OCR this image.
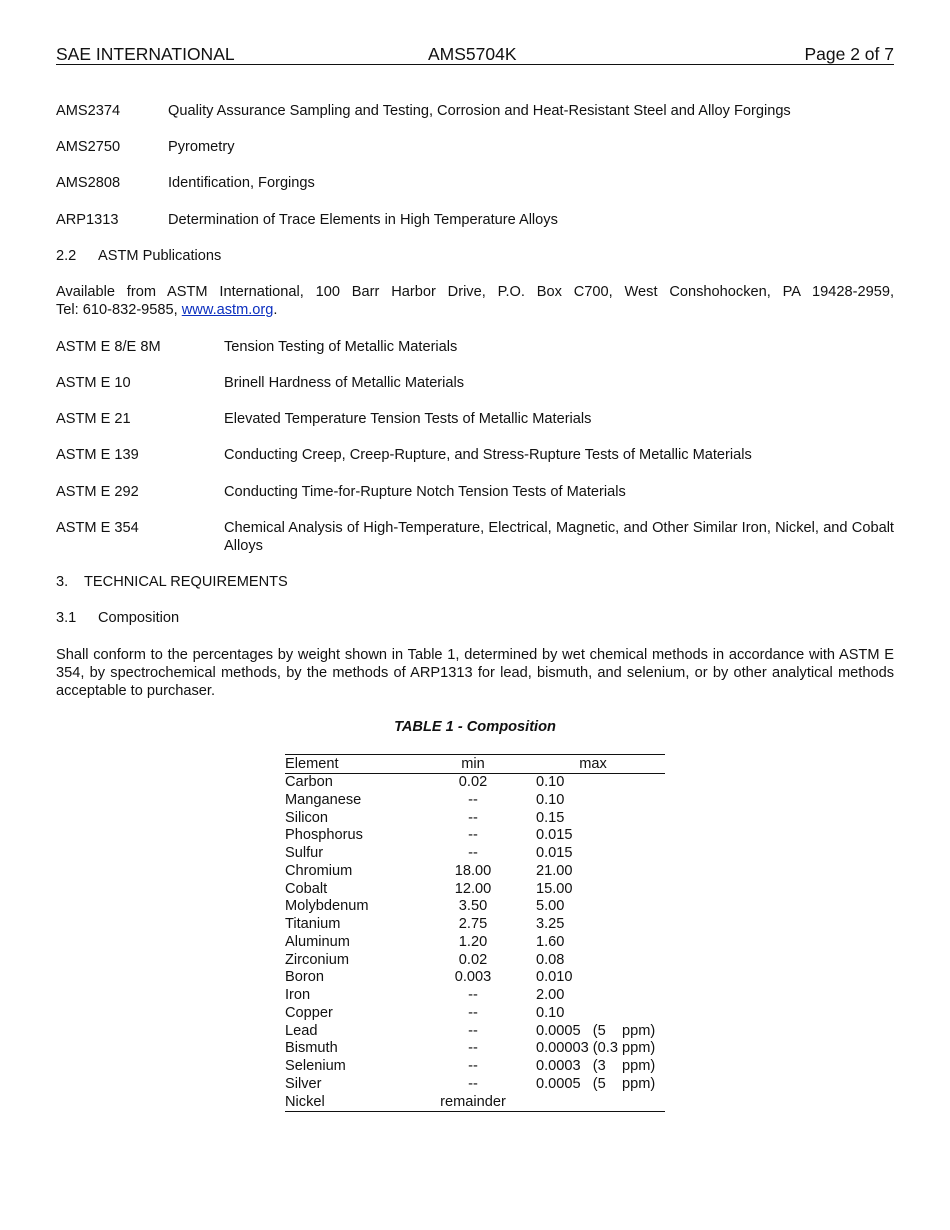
SAE INTERNATIONAL	AMS5704K	Page 2 of 7
AMS2374	Quality Assurance Sampling and Testing, Corrosion and Heat-Resistant Steel and Alloy Forgings
AMS2750	Pyrometry
AMS2808	Identification, Forgings
ARP1313	Determination of Trace Elements in High Temperature Alloys
2.2 ASTM Publications
Available from ASTM International, 100 Barr Harbor Drive, P.O. Box C700, West Conshohocken, PA 19428-2959,
Tel: 610-832-9585, www.astm.org.
ASTM E 8/E 8M	Tension Testing of Metallic Materials
ASTM E 10	Brinell Hardness of Metallic Materials
ASTM E 21	Elevated Temperature Tension Tests of Metallic Materials
ASTM E 139	Conducting Creep, Creep-Rupture, and Stress-Rupture Tests of Metallic Materials
ASTM E 292	Conducting Time-for-Rupture Notch Tension Tests of Materials
ASTM E 354	Chemical Analysis of High-Temperature, Electrical, Magnetic, and Other Similar Iron, Nickel, and Cobalt Alloys
3. TECHNICAL REQUIREMENTS
3.1 Composition
Shall conform to the percentages by weight shown in Table 1, determined by wet chemical methods in accordance with ASTM E 354, by spectrochemical methods, by the methods of ARP1313 for lead, bismuth, and selenium, or by other analytical methods acceptable to purchaser.
TABLE 1 - Composition
Element	min	max
Carbon	0.02	0.10
Manganese	--	0.10
Silicon	--	0.15
Phosphorus	--	0.015
Sulfur	--	0.015
Chromium	18.00	21.00
Cobalt	12.00	15.00
Molybdenum	3.50	5.00
Titanium	2.75	3.25
Aluminum	1.20	1.60
Zirconium	0.02	0.08
Boron	0.003	0.010
Iron	--	2.00
Copper	--	0.10
Lead	--	0.0005   (5    ppm)
Bismuth	--	0.00003 (0.3 ppm)
Selenium	--	0.0003   (3    ppm)
Silver	--	0.0005   (5    ppm)
Nickel	remainder
